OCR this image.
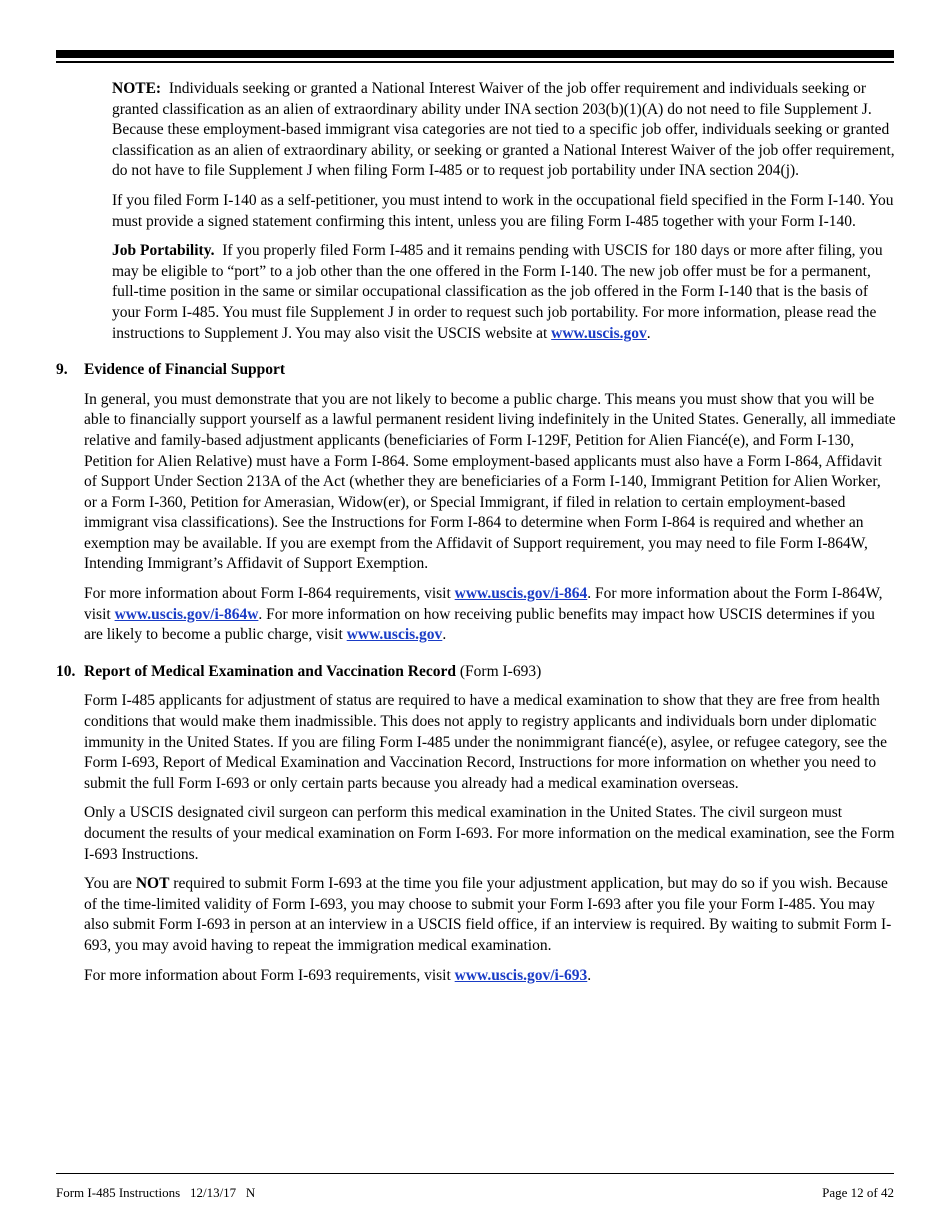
NOTE: Individuals seeking or granted a National Interest Waiver of the job offer requirement and individuals seeking or granted classification as an alien of extraordinary ability under INA section 203(b)(1)(A) do not need to file Supplement J. Because these employment-based immigrant visa categories are not tied to a specific job offer, individuals seeking or granted classification as an alien of extraordinary ability, or seeking or granted a National Interest Waiver of the job offer requirement, do not have to file Supplement J when filing Form I-485 or to request job portability under INA section 204(j).

If you filed Form I-140 as a self-petitioner, you must intend to work in the occupational field specified in the Form I-140. You must provide a signed statement confirming this intent, unless you are filing Form I-485 together with your Form I-140.

Job Portability. If you properly filed Form I-485 and it remains pending with USCIS for 180 days or more after filing, you may be eligible to “port” to a job other than the one offered in the Form I-140. The new job offer must be for a permanent, full-time position in the same or similar occupational classification as the job offered in the Form I-140 that is the basis of your Form I-485. You must file Supplement J in order to request such job portability. For more information, please read the instructions to Supplement J. You may also visit the USCIS website at www.uscis.gov.

9. Evidence of Financial Support

In general, you must demonstrate that you are not likely to become a public charge. This means you must show that you will be able to financially support yourself as a lawful permanent resident living indefinitely in the United States. Generally, all immediate relative and family-based adjustment applicants (beneficiaries of Form I-129F, Petition for Alien Fiancé(e), and Form I-130, Petition for Alien Relative) must have a Form I-864. Some employment-based applicants must also have a Form I-864, Affidavit of Support Under Section 213A of the Act (whether they are beneficiaries of a Form I-140, Immigrant Petition for Alien Worker, or a Form I-360, Petition for Amerasian, Widow(er), or Special Immigrant, if filed in relation to certain employment-based immigrant visa classifications). See the Instructions for Form I-864 to determine when Form I-864 is required and whether an exemption may be available. If you are exempt from the Affidavit of Support requirement, you may need to file Form I-864W, Intending Immigrant’s Affidavit of Support Exemption.

For more information about Form I-864 requirements, visit www.uscis.gov/i-864. For more information about the Form I-864W, visit www.uscis.gov/i-864w. For more information on how receiving public benefits may impact how USCIS determines if you are likely to become a public charge, visit www.uscis.gov.

10. Report of Medical Examination and Vaccination Record (Form I-693)

Form I-485 applicants for adjustment of status are required to have a medical examination to show that they are free from health conditions that would make them inadmissible. This does not apply to registry applicants and individuals born under diplomatic immunity in the United States. If you are filing Form I-485 under the nonimmigrant fiancé(e), asylee, or refugee category, see the Form I-693, Report of Medical Examination and Vaccination Record, Instructions for more information on whether you need to submit the full Form I-693 or only certain parts because you already had a medical examination overseas.

Only a USCIS designated civil surgeon can perform this medical examination in the United States. The civil surgeon must document the results of your medical examination on Form I-693. For more information on the medical examination, see the Form I-693 Instructions.

You are NOT required to submit Form I-693 at the time you file your adjustment application, but may do so if you wish. Because of the time-limited validity of Form I-693, you may choose to submit your Form I-693 after you file your Form I-485. You may also submit Form I-693 in person at an interview in a USCIS field office, if an interview is required. By waiting to submit Form I-693, you may avoid having to repeat the immigration medical examination.

For more information about Form I-693 requirements, visit www.uscis.gov/i-693.

Form I-485 Instructions   12/13/17   N	Page 12 of 42
